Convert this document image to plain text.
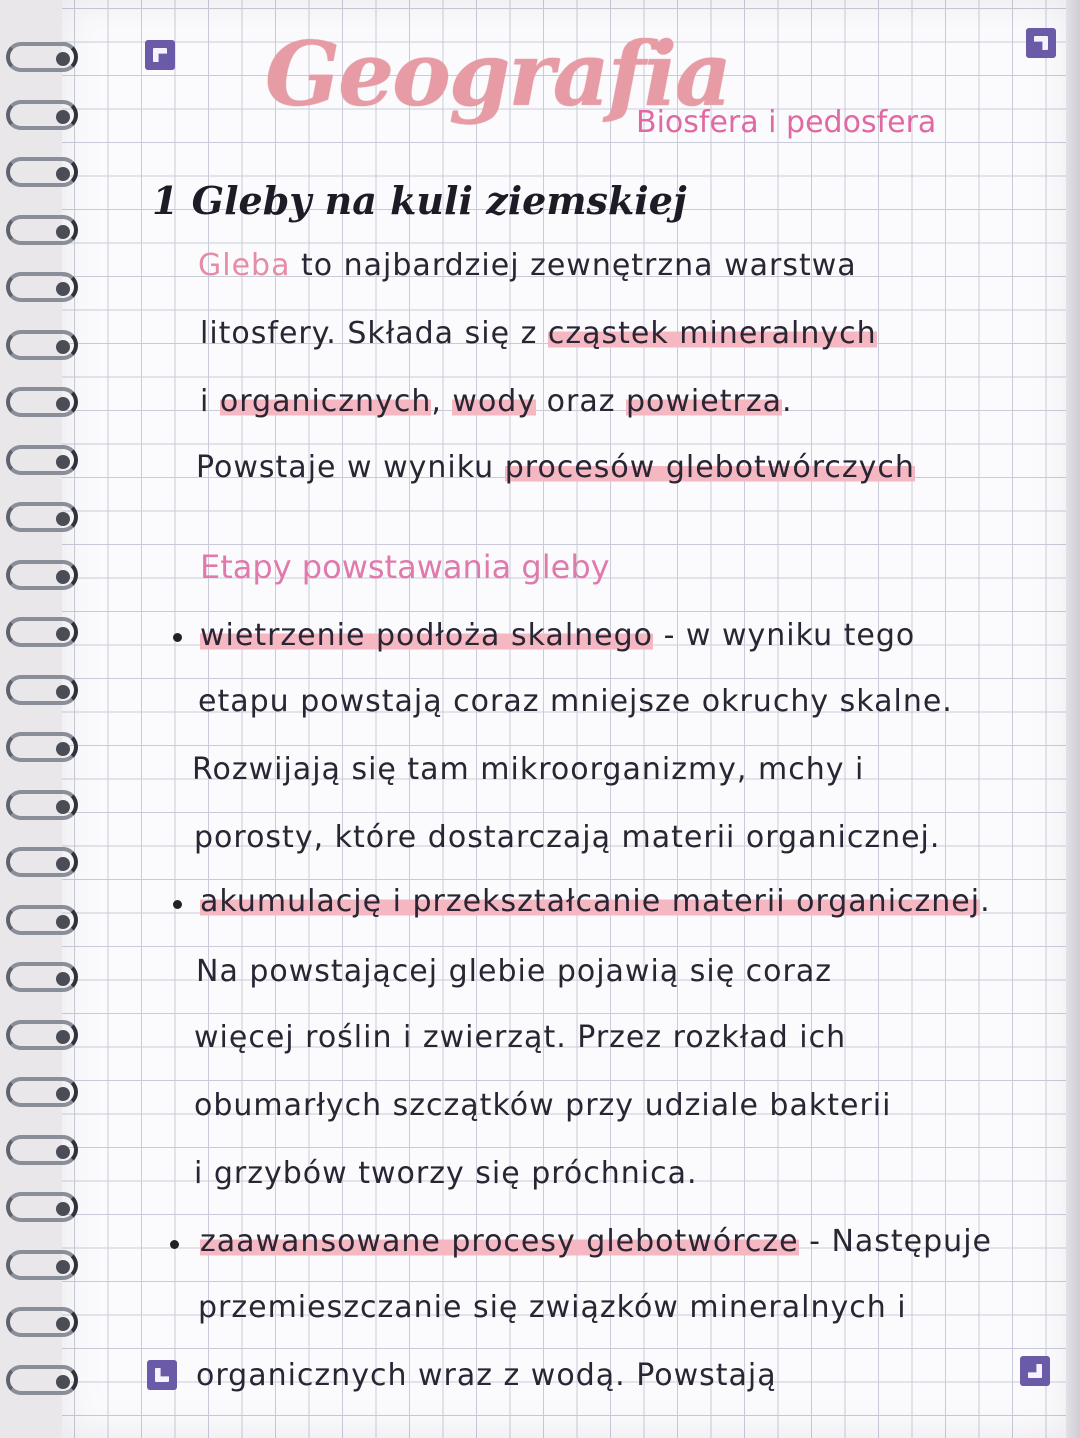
Geografia
Biosfera i pedosfera
1 Gleby na kuli ziemskiej
Gleba to najbardziej zewnętrzna warstwa
litosfery. Składa się z cząstek mineralnych
i organicznych, wody oraz powietrza.
Powstaje w wyniku procesów glebotwórczych
Etapy powstawania gleby
wietrzenie podłoża skalnego - w wyniku tego
etapu powstają coraz mniejsze okruchy skalne.
Rozwijają się tam mikroorganizmy, mchy i
porosty, które dostarczają materii organicznej.
akumulację i przekształcanie materii organicznej.
Na powstającej glebie pojawią się coraz
więcej roślin i zwierząt. Przez rozkład ich
obumarłych szczątków przy udziale bakterii
i grzybów tworzy się próchnica.
zaawansowane procesy glebotwórcze - Następuje
przemieszczanie się związków mineralnych i
organicznych wraz z wodą. Powstają
